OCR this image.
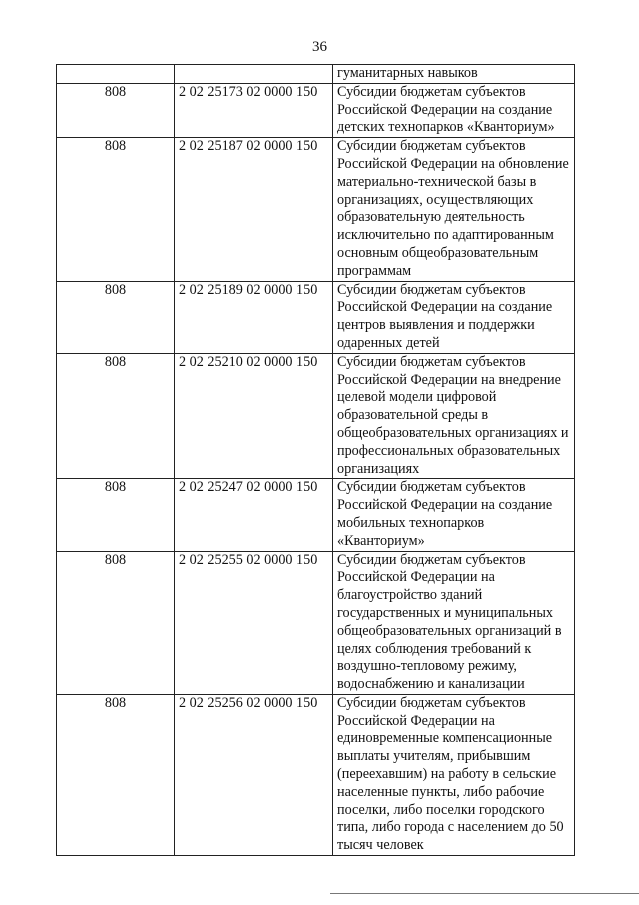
36
		гуманитарных навыков
808	2 02 25173 02 0000 150	Субсидии бюджетам субъектов Российской Федерации на создание детских технопарков «Кванториум»
808	2 02 25187 02 0000 150	Субсидии бюджетам субъектов Российской Федерации на обновление материально-технической базы в организациях, осуществляющих образовательную деятельность исключительно по адаптированным основным общеобразовательным программам
808	2 02 25189 02 0000 150	Субсидии бюджетам субъектов Российской Федерации на создание центров выявления и поддержки одаренных детей
808	2 02 25210 02 0000 150	Субсидии бюджетам субъектов Российской Федерации на внедрение целевой модели цифровой образовательной среды в общеобразовательных организациях и профессиональных образовательных организациях
808	2 02 25247 02 0000 150	Субсидии бюджетам субъектов Российской Федерации на создание мобильных технопарков «Кванториум»
808	2 02 25255 02 0000 150	Субсидии бюджетам субъектов Российской Федерации на благоустройство зданий государственных и муниципальных общеобразовательных организаций в целях соблюдения требований к воздушно-тепловому режиму, водоснабжению и канализации
808	2 02 25256 02 0000 150	Субсидии бюджетам субъектов Российской Федерации на единовременные компенсационные выплаты учителям, прибывшим (переехавшим) на работу в сельские населенные пункты, либо рабочие поселки, либо поселки городского типа, либо города с населением до 50 тысяч человек
